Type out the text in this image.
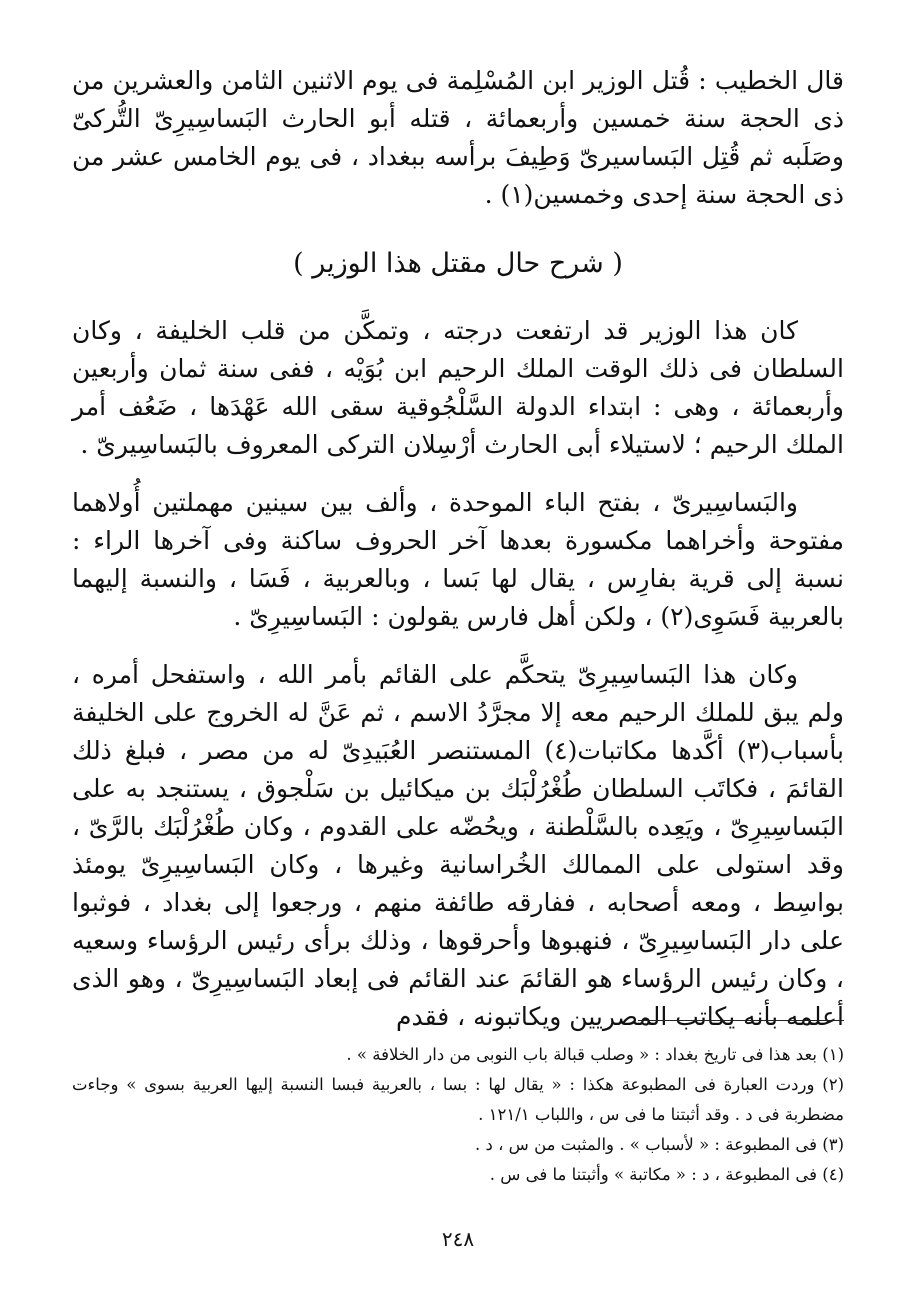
قال الخطيب : قُتل الوزير ابن المُسْلِمة فى يوم الاثنين الثامن والعشرين من ذى الحجة سنة خمسين وأربعمائة ، قتله أبو الحارث البَساسِيرِىّ التُّركىّ وصَلَبه ثم قُتِل البَساسيرىّ وَطِيفَ برأسه ببغداد ، فى يوم الخامس عشر من ذى الحجة سنة إحدى وخمسين(١) .

( شرح حال مقتل هذا الوزير )

كان هذا الوزير قد ارتفعت درجته ، وتمكَّن من قلب الخليفة ، وكان السلطان فى ذلك الوقت الملك الرحيم ابن بُوَيْه ، ففى سنة ثمان وأربعين وأربعمائة ، وهى : ابتداء الدولة السَّلْجُوقية سقى الله عَهْدَها ، ضَعُف أمر الملك الرحيم ؛ لاستيلاء أبى الحارث أرْسِلان التركى المعروف بالبَساسِيرىّ .

والبَساسِيرىّ ، بفتح الباء الموحدة ، وألف بين سينين مهملتين أُولاهما مفتوحة وأخراهما مكسورة بعدها آخر الحروف ساكنة وفى آخرها الراء : نسبة إلى قرية بفارِس ، يقال لها بَسا ، وبالعربية ، فَسَا ، والنسبة إليهما بالعربية فَسَوِى(٢) ، ولكن أهل فارس يقولون : البَساسِيرِىّ .

وكان هذا البَساسِيرِىّ يتحكَّم على القائم بأمر الله ، واستفحل أمره ، ولم يبق للملك الرحيم معه إلا مجرَّدُ الاسم ، ثم عَنَّ له الخروج على الخليفة بأسباب(٣) أكَّدها مكاتبات(٤) المستنصر العُبَيدِىّ له من مصر ، فبلغ ذلك القائمَ ، فكاتَب السلطان طُغْرُلْبَك بن ميكائيل بن سَلْجوق ، يستنجد به على البَساسِيرِىّ ، ويَعِده بالسَّلْطنة ، ويحُضّه على القدوم ، وكان طُغْرُلْبَك بالرَّىّ ، وقد استولى على الممالك الخُراسانية وغيرها ، وكان البَساسِيرِىّ يومئذ بواسِط ، ومعه أصحابه ، ففارقه طائفة منهم ، ورجعوا إلى بغداد ، فوثبوا على دار البَساسِيرِىّ ، فنهبوها وأحرقوها ، وذلك برأى رئيس الرؤساء وسعيه ، وكان رئيس الرؤساء هو القائمَ عند القائم فى إبعاد البَساسِيرِىّ ، وهو الذى أعلمه بأنه يكاتب المصريين ويكاتبونه ، فقدم

(١) بعد هذا فى تاريخ بغداد : « وصلب قبالة باب النوبى من دار الخلافة » .

(٢) وردت العبارة فى المطبوعة هكذا : « يقال لها : بسا ، بالعربية فبسا النسبة إليها العربية بسوى » وجاءت مضطربة فى د . وقد أثبتنا ما فى س ، واللباب ١٢١/١ .

(٣) فى المطبوعة : « لأسباب » . والمثبت من س ، د .

(٤) فى المطبوعة ، د : « مكاتبة » وأثبتنا ما فى س .

٢٤٨
